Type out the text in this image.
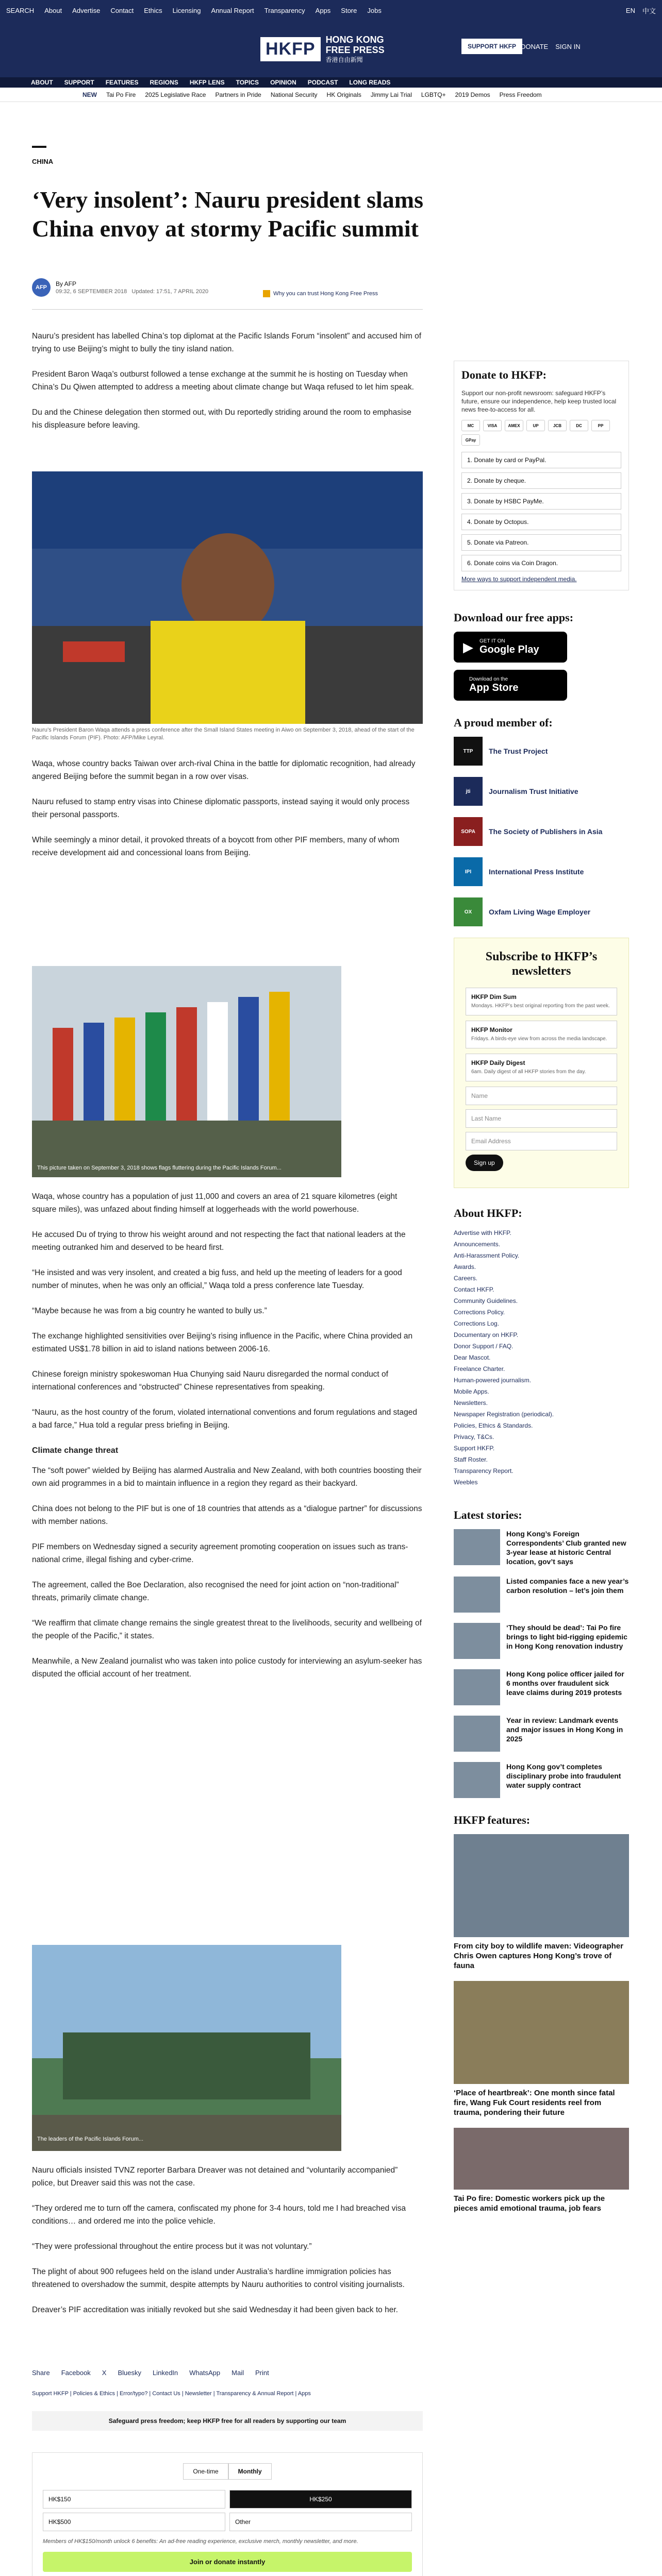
SEARCH About Advertise Contact Ethics Licensing Annual Report Transparency Apps Store Jobs	EN 中文
HKFP	HONG KONG
FREE PRESS
香港自由新聞
SUPPORT HKFP DONATE SIGN IN
ABOUT SUPPORT FEATURES REGIONS HKFP LENS TOPICS OPINION PODCAST LONG READS
NEW Tai Po Fire 2025 Legislative Race Partners in Pride National Security HK Originals Jimmy Lai Trial LGBTQ+ 2019 Demos Press Freedom
CHINA
‘Very insolent’: Nauru president slams China envoy at stormy Pacific summit
AFP	By AFP
09:32, 6 SEPTEMBER 2018 Updated: 17:51, 7 APRIL 2020	Why you can trust Hong Kong Free Press

Nauru’s president has labelled China’s top diplomat at the Pacific Islands Forum “insolent” and accused him of trying to use Beijing’s might to bully the tiny island nation.

President Baron Waqa’s outburst followed a tense exchange at the summit he is hosting on Tuesday when China’s Du Qiwen attempted to address a meeting about climate change but Waqa refused to let him speak.

Du and the Chinese delegation then stormed out, with Du reportedly striding around the room to emphasise his displeasure before leaving.

Nauru’s President Baron Waqa attends a press conference after the Small Island States meeting in Aiwo on September 3, 2018, ahead of the start of the Pacific Islands Forum (PIF). Photo: AFP/Mike Leyral.

Waqa, whose country backs Taiwan over arch-rival China in the battle for diplomatic recognition, had already angered Beijing before the summit began in a row over visas.

Nauru refused to stamp entry visas into Chinese diplomatic passports, instead saying it would only process their personal passports.

While seemingly a minor detail, it provoked threats of a boycott from other PIF members, many of whom receive development aid and concessional loans from Beijing.

This picture taken on September 3, 2018 shows flags fluttering during the Pacific Islands Forum...

Waqa, whose country has a population of just 11,000 and covers an area of 21 square kilometres (eight square miles), was unfazed about finding himself at loggerheads with the world powerhouse.

He accused Du of trying to throw his weight around and not respecting the fact that national leaders at the meeting outranked him and deserved to be heard first.

“He insisted and was very insolent, and created a big fuss, and held up the meeting of leaders for a good number of minutes, when he was only an official,” Waqa told a press conference late Tuesday.

“Maybe because he was from a big country he wanted to bully us.”

The exchange highlighted sensitivities over Beijing’s rising influence in the Pacific, where China provided an estimated US$1.78 billion in aid to island nations between 2006-16.

Chinese foreign ministry spokeswoman Hua Chunying said Nauru disregarded the normal conduct of international conferences and “obstructed” Chinese representatives from speaking.

“Nauru, as the host country of the forum, violated international conventions and forum regulations and staged a bad farce,” Hua told a regular press briefing in Beijing.

Climate change threat

The “soft power” wielded by Beijing has alarmed Australia and New Zealand, with both countries boosting their own aid programmes in a bid to maintain influence in a region they regard as their backyard.

China does not belong to the PIF but is one of 18 countries that attends as a “dialogue partner” for discussions with member nations.

PIF members on Wednesday signed a security agreement promoting cooperation on issues such as trans-national crime, illegal fishing and cyber-crime.

The agreement, called the Boe Declaration, also recognised the need for joint action on “non-traditional” threats, primarily climate change.

“We reaffirm that climate change remains the single greatest threat to the livelihoods, security and wellbeing of the people of the Pacific,” it states.

Meanwhile, a New Zealand journalist who was taken into police custody for interviewing an asylum-seeker has disputed the official account of her treatment.

The leaders of the Pacific Islands Forum...

Nauru officials insisted TVNZ reporter Barbara Dreaver was not detained and “voluntarily accompanied” police, but Dreaver said this was not the case.

“They ordered me to turn off the camera, confiscated my phone for 3-4 hours, told me I had breached visa conditions… and ordered me into the police vehicle.

“They were professional throughout the entire process but it was not voluntary.”

The plight of about 900 refugees held on the island under Australia’s hardline immigration policies has threatened to overshadow the summit, despite attempts by Nauru authorities to control visiting journalists.

Dreaver’s PIF accreditation was initially revoked but she said Wednesday it had been given back to her.

Share Facebook X Bluesky LinkedIn WhatsApp Mail Print
Support HKFP | Policies & Ethics | Error/typo? | Contact Us | Newsletter | Transparency & Annual Report | Apps
Safeguard press freedom; keep HKFP free for all readers by supporting our team
One-time	Monthly
HK$150	HK$250
HK$500	Other
Members of HK$150/month unlock 6 benefits: An ad-free reading experience, exclusive merch, monthly newsletter, and more.
Join or donate instantly
Donate to HKFP:
Support our non-profit newsroom: safeguard HKFP’s future, ensure our independence, help keep trusted local news free-to-access for all.
MC	VISA	AMEX	UP	JCB	DC	PP
GPay
1. Donate by card or PayPal.
2. Donate by cheque.
3. Donate by HSBC PayMe.
4. Donate by Octopus.
5. Donate via Patreon.
6. Donate coins via Coin Dragon.
More ways to support independent media.
Download our free apps:
▶ GET IT ON
Google Play
Download on the
App Store
A proud member of:
TTP	The Trust Project
jti	Journalism Trust Initiative
SOPA	The Society of Publishers in Asia
IPI	International Press Institute
OX	Oxfam Living Wage Employer
Subscribe to HKFP’s newsletters
HKFP Dim Sum
Mondays. HKFP’s best original reporting from the past week.
HKFP Monitor
Fridays. A birds-eye view from across the media landscape.
HKFP Daily Digest
6am. Daily digest of all HKFP stories from the day.
Name
Last Name
Email Address
Sign up
About HKFP:
Advertise with HKFP.
Announcements.
Anti-Harassment Policy.
Awards.
Careers.
Contact HKFP.
Community Guidelines.
Corrections Policy.
Corrections Log.
Documentary on HKFP.
Donor Support / FAQ.
Dear Mascot.
Freelance Charter.
Human-powered journalism.
Mobile Apps.
Newsletters.
Newspaper Registration (periodical).
Policies, Ethics & Standards.
Privacy, T&Cs.
Support HKFP.
Staff Roster.
Transparency Report.
Weebles
Latest stories:
Hong Kong’s Foreign Correspondents’ Club granted new 3-year lease at historic Central location, gov’t says
Listed companies face a new year’s carbon resolution – let’s join them
‘They should be dead’: Tai Po fire brings to light bid-rigging epidemic in Hong Kong renovation industry
Hong Kong police officer jailed for 6 months over fraudulent sick leave claims during 2019 protests
Year in review: Landmark events and major issues in Hong Kong in 2025
Hong Kong gov’t completes disciplinary probe into fraudulent water supply contract
HKFP features:
From city boy to wildlife maven: Videographer Chris Owen captures Hong Kong’s trove of fauna
‘Place of heartbreak’: One month since fatal fire, Wang Fuk Court residents reel from trauma, pondering their future
Tai Po fire: Domestic workers pick up the pieces amid emotional trauma, job fears
